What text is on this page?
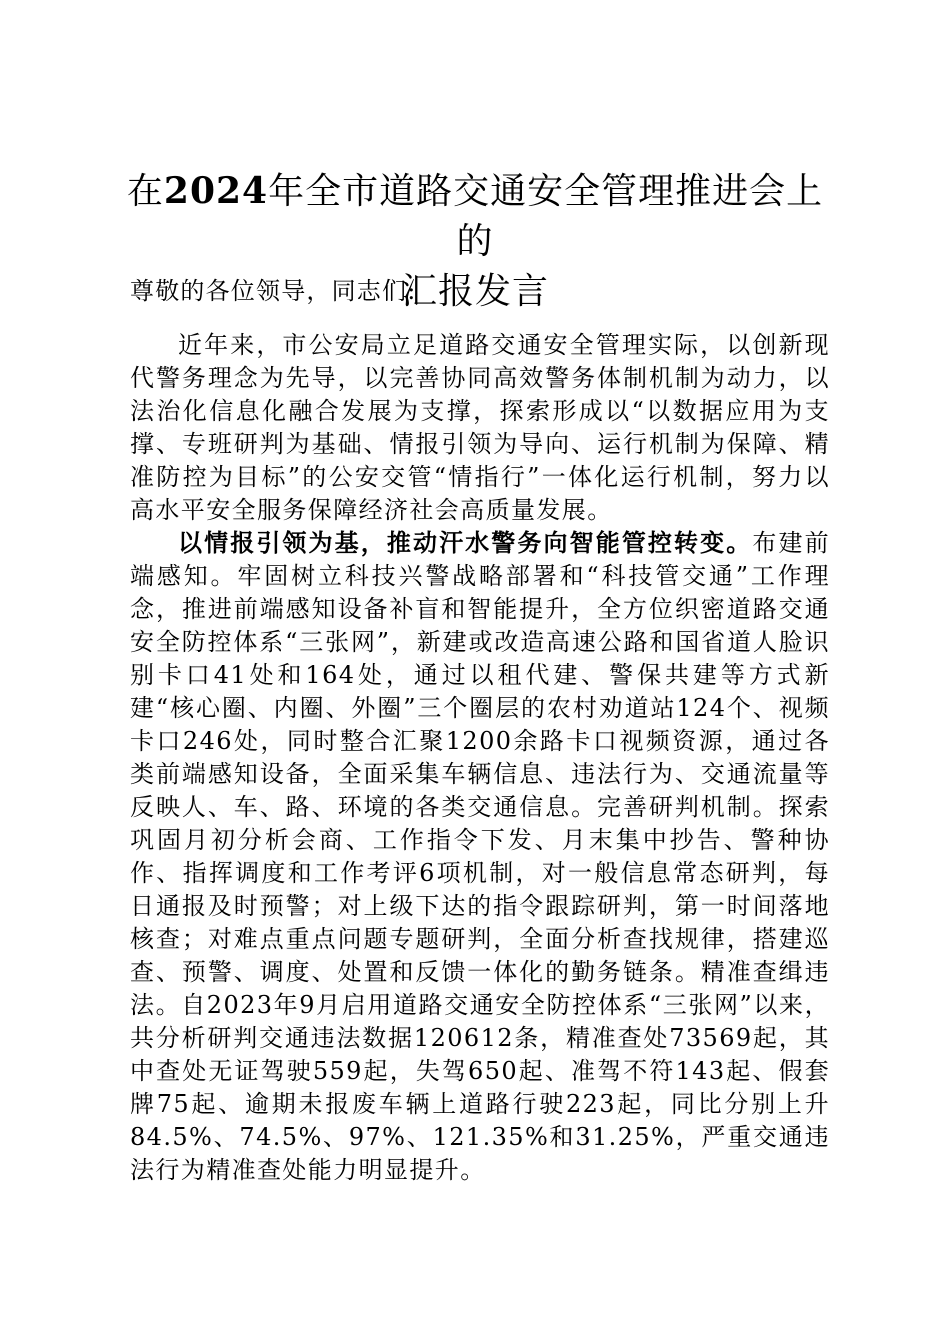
在2024年全市道路交通安全管理推进会上的
汇报发言

尊敬的各位领导，同志们:

近年来，市公安局立足道路交通安全管理实际，以创新现代警务理念为先导，以完善协同高效警务体制机制为动力，以法治化信息化融合发展为支撑，探索形成以“以数据应用为支撑、专班研判为基础、情报引领为导向、运行机制为保障、精准防控为目标”的公安交管“情指行”一体化运行机制，努力以高水平安全服务保障经济社会高质量发展。

以情报引领为基，推动汗水警务向智能管控转变。布建前端感知。牢固树立科技兴警战略部署和“科技管交通”工作理念，推进前端感知设备补盲和智能提升，全方位织密道路交通安全防控体系“三张网”，新建或改造高速公路和国省道人脸识别卡口41处和164处，通过以租代建、警保共建等方式新建“核心圈、内圈、外圈”三个圈层的农村劝道站124个、视频卡口246处，同时整合汇聚1200余路卡口视频资源，通过各类前端感知设备，全面采集车辆信息、违法行为、交通流量等反映人、车、路、环境的各类交通信息。完善研判机制。探索巩固月初分析会商、工作指令下发、月末集中抄告、警种协作、指挥调度和工作考评6项机制，对一般信息常态研判，每日通报及时预警；对上级下达的指令跟踪研判，第一时间落地核查；对难点重点问题专题研判，全面分析查找规律，搭建巡查、预警、调度、处置和反馈一体化的勤务链条。精准查缉违法。自2023年9月启用道路交通安全防控体系“三张网”以来，共分析研判交通违法数据120612条，精准查处73569起，其中查处无证驾驶559起，失驾650起、准驾不符143起、假套牌75起、逾期未报废车辆上道路行驶223起，同比分别上升84.5%、74.5%、97%、121.35%和31.25%，严重交通违法行为精准查处能力明显提升。
